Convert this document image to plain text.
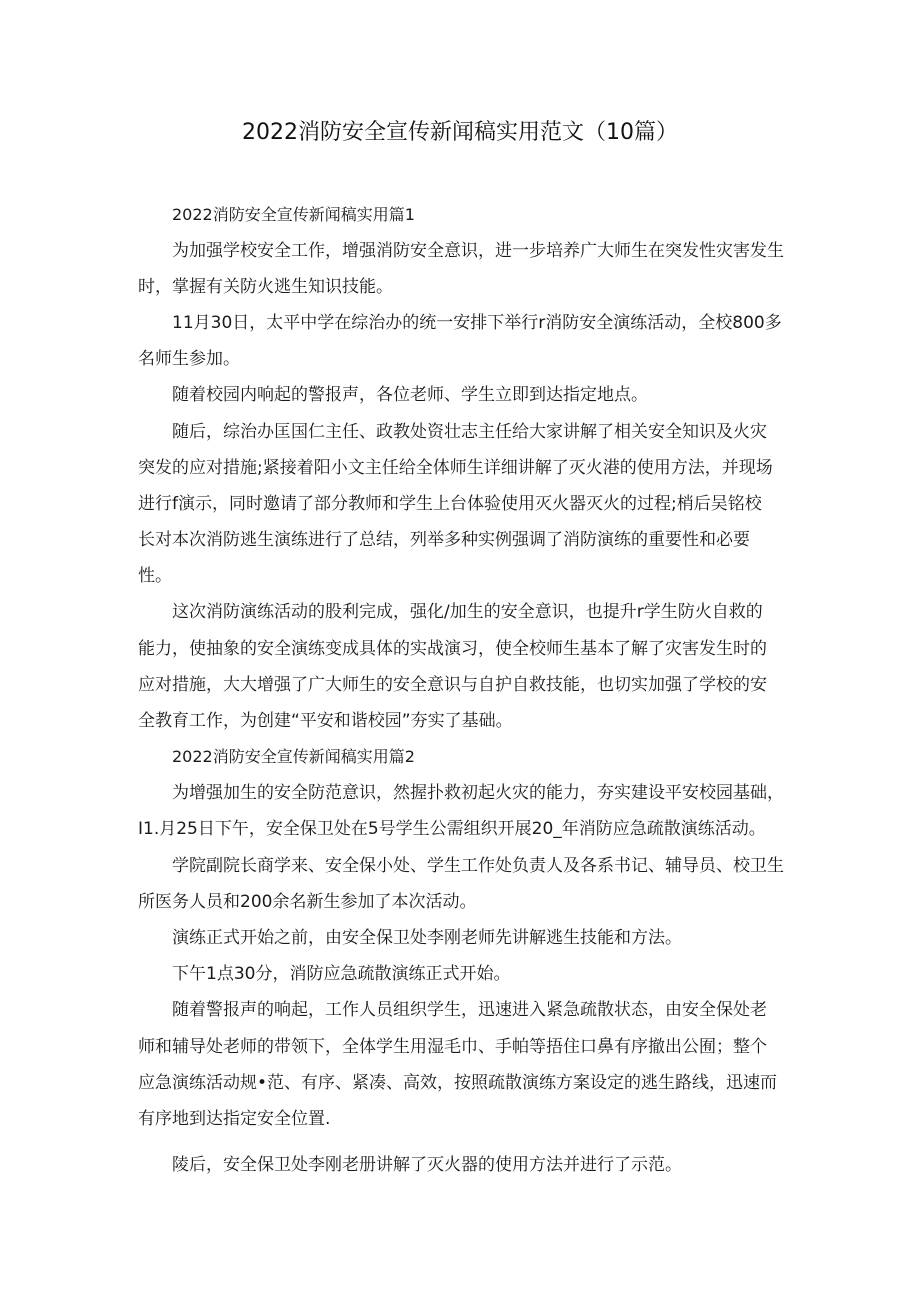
2022消防安全宣传新闻稿实用范文（10篇）
2022消防安全宣传新闻稿实用篇1
为加强学校安全工作，增强消防安全意识，进一步培养广大师生在突发性灾害发生
时，掌握有关防火逃生知识技能。
11月30日，太平中学在综治办的统一安排下举行r消防安全演练活动，全校800多
名师生参加。
随着校园内响起的警报声，各位老师、学生立即到达指定地点。
随后，综治办匡国仁主任、政教处资壮志主任给大家讲解了相关安全知识及火灾
突发的应对措施;紧接着阳小文主任给全体师生详细讲解了灭火港的使用方法，并现场
进行f演示，同时邀请了部分教师和学生上台体验使用灭火器灭火的过程;梢后吴铭校
长对本次消防逃生演练进行了总结，列举多种实例强调了消防演练的重要性和必要
性。
这次消防演练活动的股利完成，强化/加生的安全意识，也提升r学生防火自救的
能力，使抽象的安全演练变成具体的实战演习，使全校师生基本了解了灾害发生时的
应对措施，大大增强了广大师生的安全意识与自护自救技能，也切实加强了学校的安
全教育工作，为创建“平安和谐校园”夯实了基础。
2022消防安全宣传新闻稿实用篇2
为增强加生的安全防范意识，然握扑救初起火灾的能力，夯实建设平安校园基础，
I1.月25日下午，安全保卫处在5号学生公需组织开展20_年消防应急疏散演练活动。
学院副院长商学来、安全保小处、学生工作处负责人及各系书记、辅导员、校卫生
所医务人员和200余名新生参加了本次活动。
演练正式开始之前，由安全保卫处李刚老师先讲解逃生技能和方法。
下午1点30分，消防应急疏散演练正式开始。
随着警报声的响起，工作人员组织学生，迅速进入紧急疏散状态，由安全保处老
师和辅导处老师的带领下，全体学生用湿毛巾、手帕等捂住口鼻有序撤出公囿；整个
应急演练活动规•范、有序、紧凑、高效，按照疏散演练方案设定的逃生路线，迅速而
有序地到达指定安全位置.
陵后，安全保卫处李刚老册讲解了灭火器的使用方法并进行了示范。
